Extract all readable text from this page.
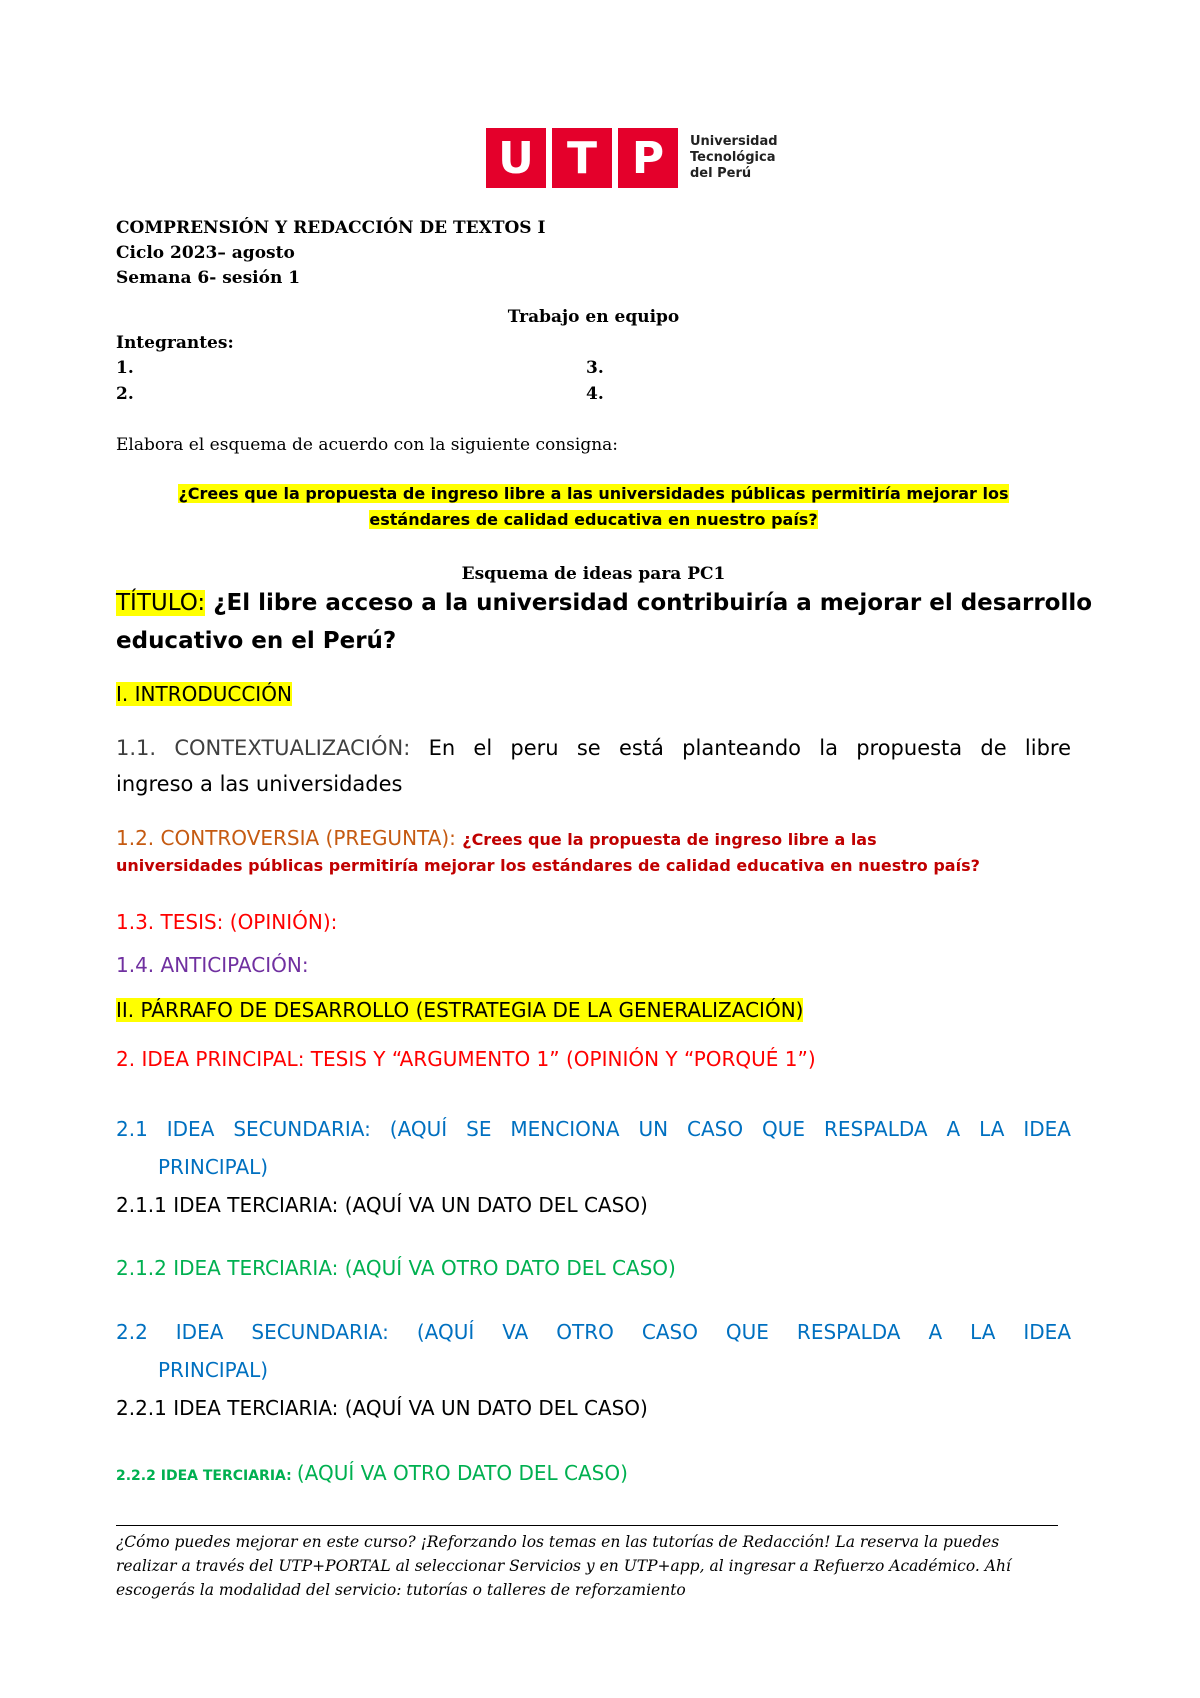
U T P	Universidad
Tecnológica
del Perú
COMPRENSIÓN Y REDACCIÓN DE TEXTOS I
Ciclo 2023– agosto
Semana 6- sesión 1
Trabajo en equipo
Integrantes:
1.
2.
3.
4.
Elabora el esquema de acuerdo con la siguiente consigna:
¿Crees que la propuesta de ingreso libre a las universidades públicas permitiría mejorar los
estándares de calidad educativa en nuestro país?
Esquema de ideas para PC1
TÍTULO: ¿El libre acceso a la universidad contribuiría a mejorar el desarrollo
educativo en el Perú?
I. INTRODUCCIÓN
1.1. CONTEXTUALIZACIÓN: En el peru se está planteando la propuesta de libre
ingreso a las universidades
1.2. CONTROVERSIA (PREGUNTA): ¿Crees que la propuesta de ingreso libre a las
universidades públicas permitiría mejorar los estándares de calidad educativa en nuestro país?
1.3. TESIS: (OPINIÓN):
1.4. ANTICIPACIÓN:
II. PÁRRAFO DE DESARROLLO (ESTRATEGIA DE LA GENERALIZACIÓN)
2. IDEA PRINCIPAL: TESIS Y “ARGUMENTO 1” (OPINIÓN Y “PORQUÉ 1”)
2.1 IDEA SECUNDARIA: (AQUÍ SE MENCIONA UN CASO QUE RESPALDA A LA IDEA
PRINCIPAL)
2.1.1 IDEA TERCIARIA: (AQUÍ VA UN DATO DEL CASO)
2.1.2 IDEA TERCIARIA: (AQUÍ VA OTRO DATO DEL CASO)
2.2 IDEA SECUNDARIA: (AQUÍ VA OTRO CASO QUE RESPALDA A LA IDEA
PRINCIPAL)
2.2.1 IDEA TERCIARIA: (AQUÍ VA UN DATO DEL CASO)
2.2.2 IDEA TERCIARIA: (AQUÍ VA OTRO DATO DEL CASO)
¿Cómo puedes mejorar en este curso? ¡Reforzando los temas en las tutorías de Redacción! La reserva la puedes
realizar a través del UTP+PORTAL al seleccionar Servicios y en UTP+app, al ingresar a Refuerzo Académico. Ahí
escogerás la modalidad del servicio: tutorías o talleres de reforzamiento
